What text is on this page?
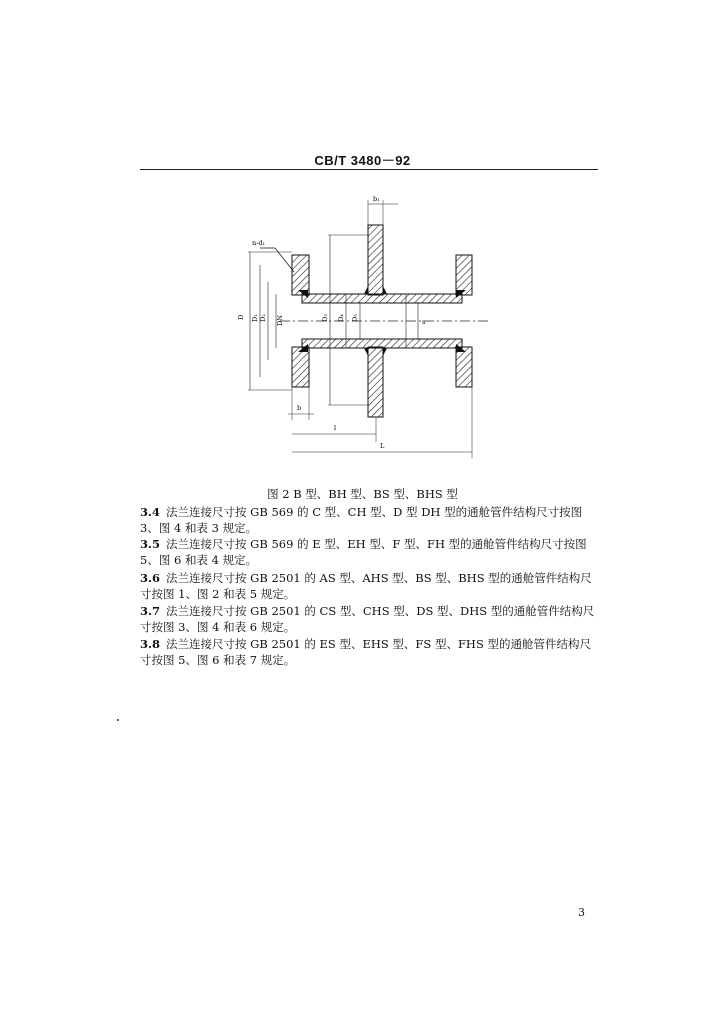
CB/T 3480－92
n-d₁
D D₁ D₂ DN	D₃ D₄ D₅	s
b₁
b
l
L
图 2 B 型、BH 型、BS 型、BHS 型
3.4 法兰连接尺寸按 GB 569 的 C 型、CH 型、D 型 DH 型的通舱管件结构尺寸按图 3、图 4 和表 3 规定。
3.5 法兰连接尺寸按 GB 569 的 E 型、EH 型、F 型、FH 型的通舱管件结构尺寸按图 5、图 6 和表 4 规定。
3.6 法兰连接尺寸按 GB 2501 的 AS 型、AHS 型、BS 型、BHS 型的通舱管件结构尺寸按图 1、图 2 和表 5 规定。
3.7 法兰连接尺寸按 GB 2501 的 CS 型、CHS 型、DS 型、DHS 型的通舱管件结构尺寸按图 3、图 4 和表 6 规定。
3.8 法兰连接尺寸按 GB 2501 的 ES 型、EHS 型、FS 型、FHS 型的通舱管件结构尺寸按图 5、图 6 和表 7 规定。
3
